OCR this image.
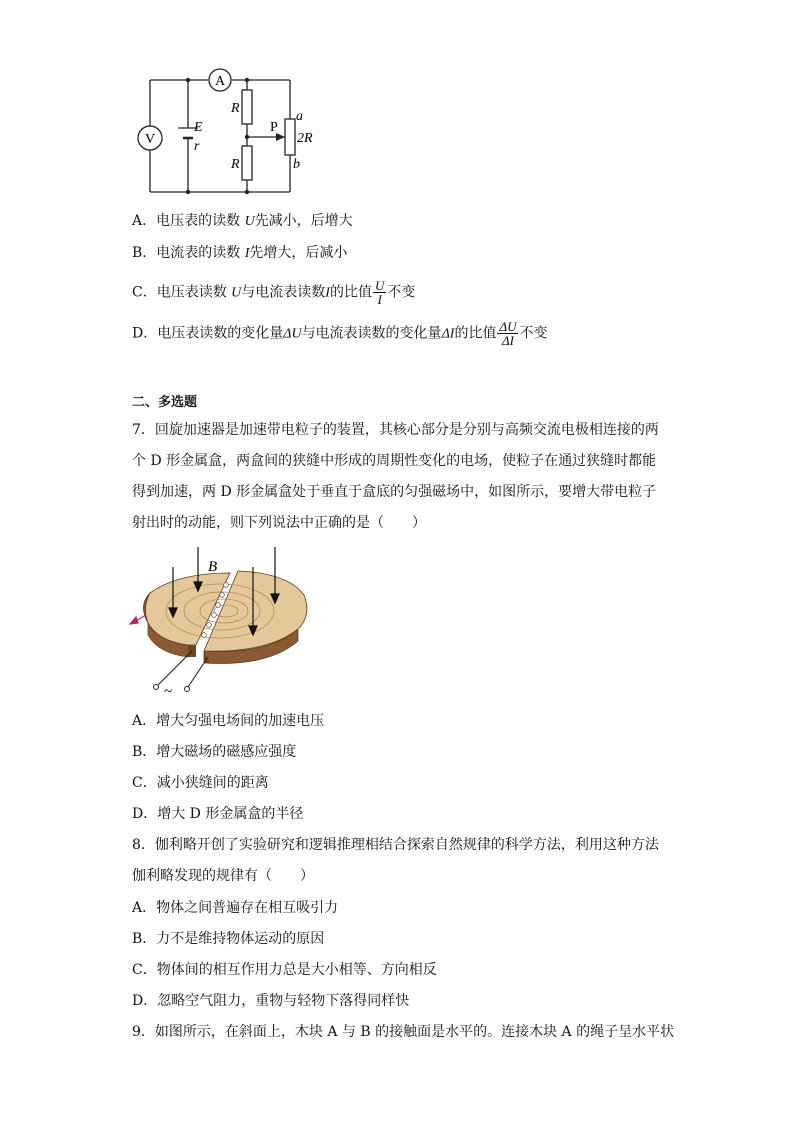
V
A
E
r
R
R
P
a
2R
b
A．电压表的读数 U先减小，后增大
B．电流表的读数 I先增大，后减小
C．电压表读数 U与电流表读数I的比值 $\frac{U}{I}$ 不变
D．电压表读数的变化量ΔU与电流表读数的变化量ΔI的比值 $\frac{\Delta U}{\Delta I}$ 不变
二、多选题
7．回旋加速器是加速带电粒子的装置，其核心部分是分别与高频交流电极相连接的两
个 D 形金属盒，两盒间的狭缝中形成的周期性变化的电场，使粒子在通过狭缝时都能
得到加速，两 D 形金属盒处于垂直于盒底的匀强磁场中，如图所示，要增大带电粒子
射出时的动能，则下列说法中正确的是（　　）
B
~
A．增大匀强电场间的加速电压
B．增大磁场的磁感应强度
C．减小狭缝间的距离
D．增大 D 形金属盒的半径
8．伽利略开创了实验研究和逻辑推理相结合探索自然规律的科学方法，利用这种方法
伽利略发现的规律有（　　）
A．物体之间普遍存在相互吸引力
B．力不是维持物体运动的原因
C．物体间的相互作用力总是大小相等、方向相反
D．忽略空气阻力，重物与轻物下落得同样快
9．如图所示，在斜面上，木块 A 与 B 的接触面是水平的。连接木块 A 的绳子呈水平状
